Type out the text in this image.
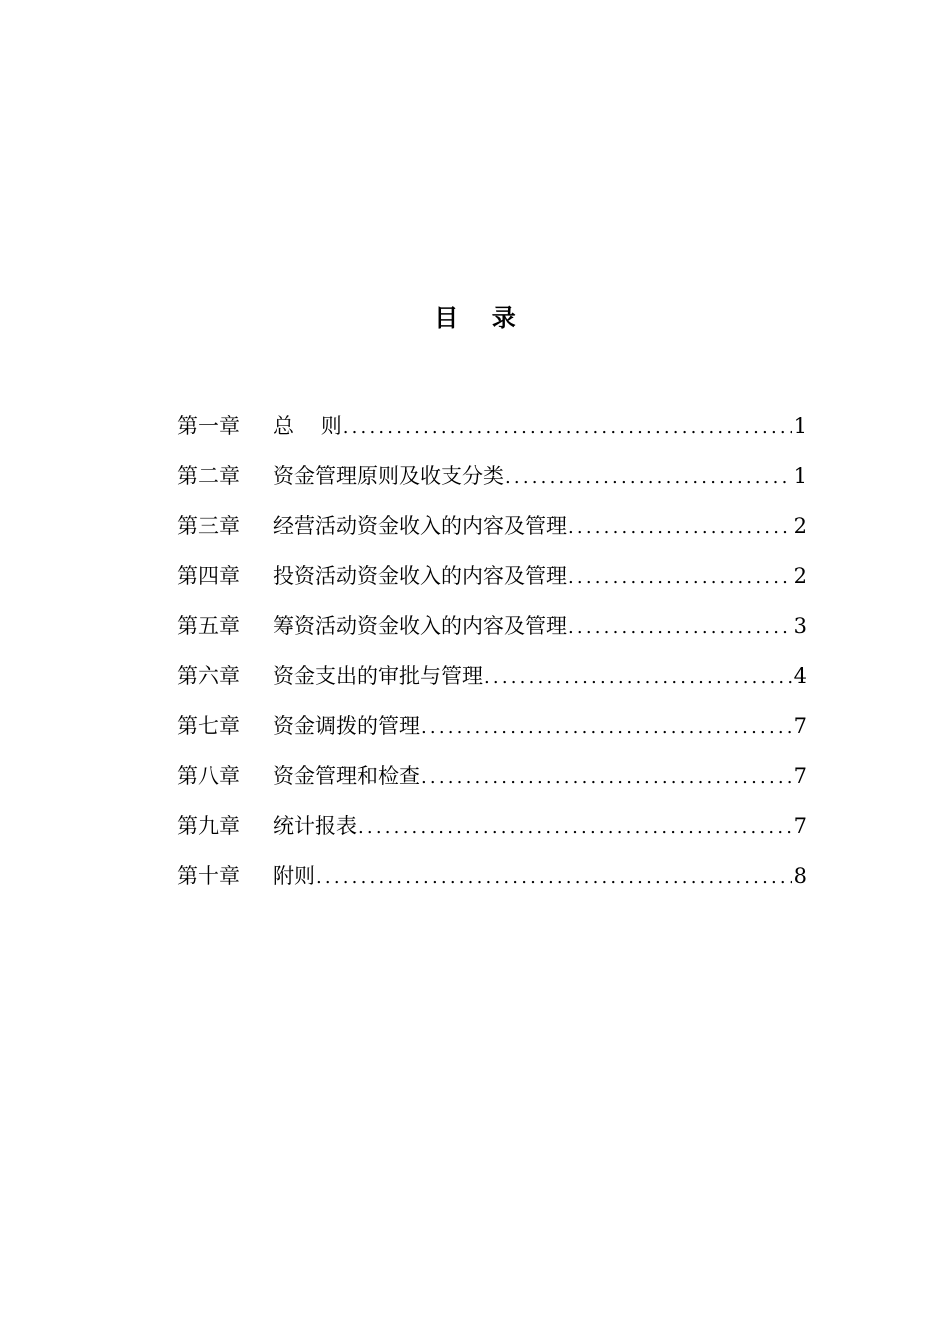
目    录
第一章	总    则 .....	1
第二章	资金管理原则及收支分类 .....	1
第三章	经营活动资金收入的内容及管理 .....	2
第四章	投资活动资金收入的内容及管理 .....	2
第五章	筹资活动资金收入的内容及管理 .....	3
第六章	资金支出的审批与管理 .....	4
第七章	资金调拨的管理 .....	7
第八章	资金管理和检查 .....	7
第九章	统计报表 .....	7
第十章	附则 .....	8
